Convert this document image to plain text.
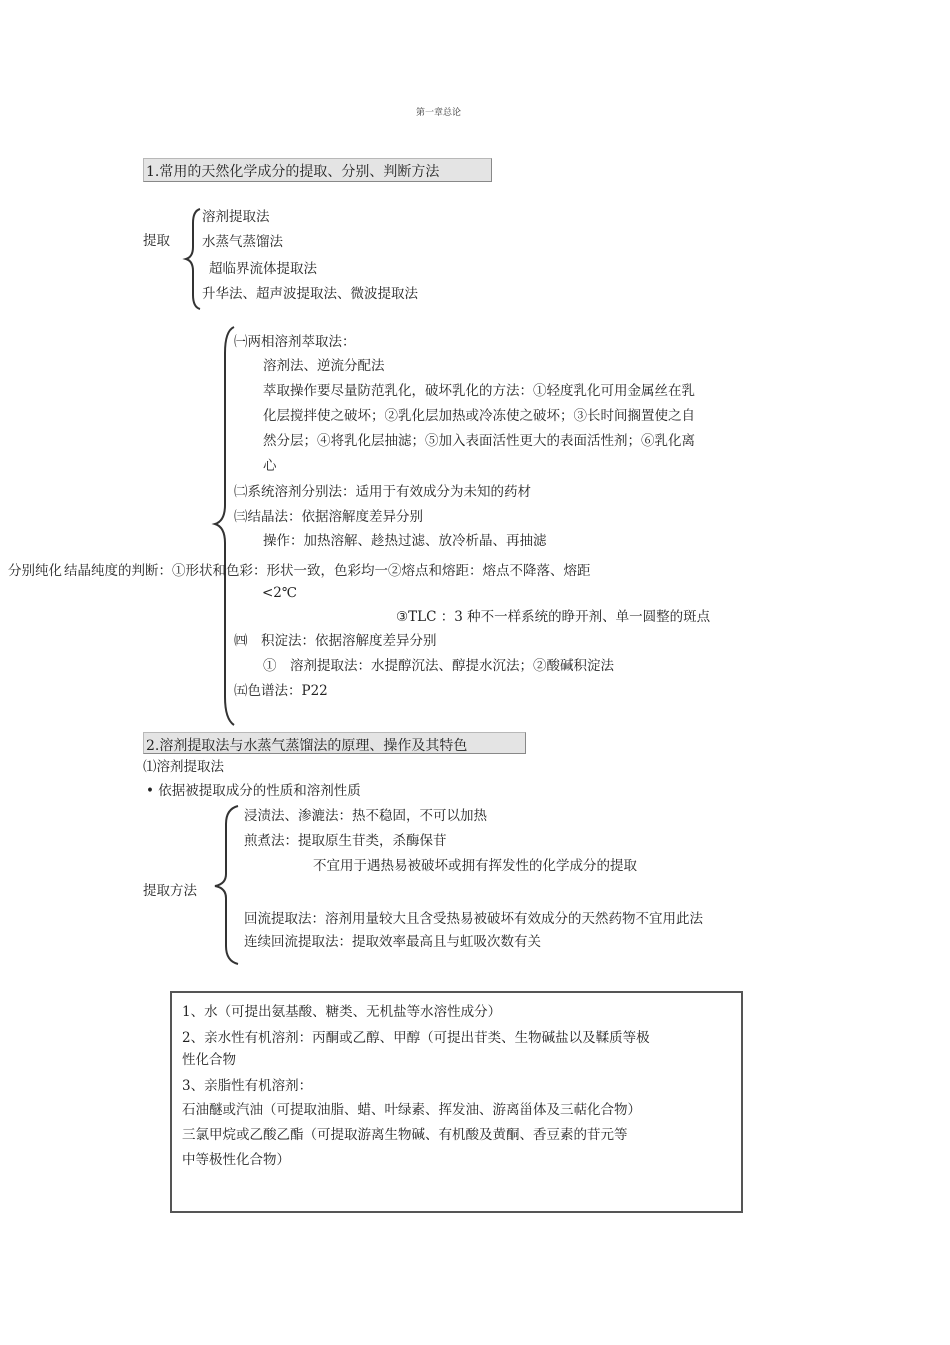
第一章总论
1.常用的天然化学成分的提取、分别、判断方法
提取
溶剂提取法
水蒸气蒸馏法
超临界流体提取法
升华法、超声波提取法、微波提取法
分别纯化
㈠两相溶剂萃取法：
溶剂法、逆流分配法
萃取操作要尽量防范乳化，破坏乳化的方法：①轻度乳化可用金属丝在乳
化层搅拌使之破坏；②乳化层加热或冷冻使之破坏；③长时间搁置使之自
然分层；④将乳化层抽滤；⑤加入表面活性更大的表面活性剂；⑥乳化离
心
㈡系统溶剂分别法：适用于有效成分为未知的药材
㈢结晶法：依据溶解度差异分别
操作：加热溶解、趁热过滤、放冷析晶、再抽滤
结晶纯度的判断：①形状和色彩：形状一致，色彩均一②熔点和熔距：熔点不降落、熔距
<2℃
③TLC ：3 种不一样系统的睁开剂、单一圆整的斑点
㈣　积淀法：依据溶解度差异分别
①　溶剂提取法：水提醇沉法、醇提水沉法；②酸碱积淀法
㈤色谱法：P22
2.溶剂提取法与水蒸气蒸馏法的原理、操作及其特色
⑴溶剂提取法
• 依据被提取成分的性质和溶剂性质
提取方法
浸渍法、渗漉法：热不稳固，不可以加热
煎煮法：提取原生苷类，杀酶保苷
不宜用于遇热易被破坏或拥有挥发性的化学成分的提取
回流提取法：溶剂用量较大且含受热易被破坏有效成分的天然药物不宜用此法
连续回流提取法：提取效率最高且与虹吸次数有关
1、水（可提出氨基酸、糖类、无机盐等水溶性成分）
2、亲水性有机溶剂：丙酮或乙醇、甲醇（可提出苷类、生物碱盐以及鞣质等极
性化合物
3、亲脂性有机溶剂：
石油醚或汽油（可提取油脂、蜡、叶绿素、挥发油、游离甾体及三萜化合物）
三氯甲烷或乙酸乙酯（可提取游离生物碱、有机酸及黄酮、香豆素的苷元等
中等极性化合物）
